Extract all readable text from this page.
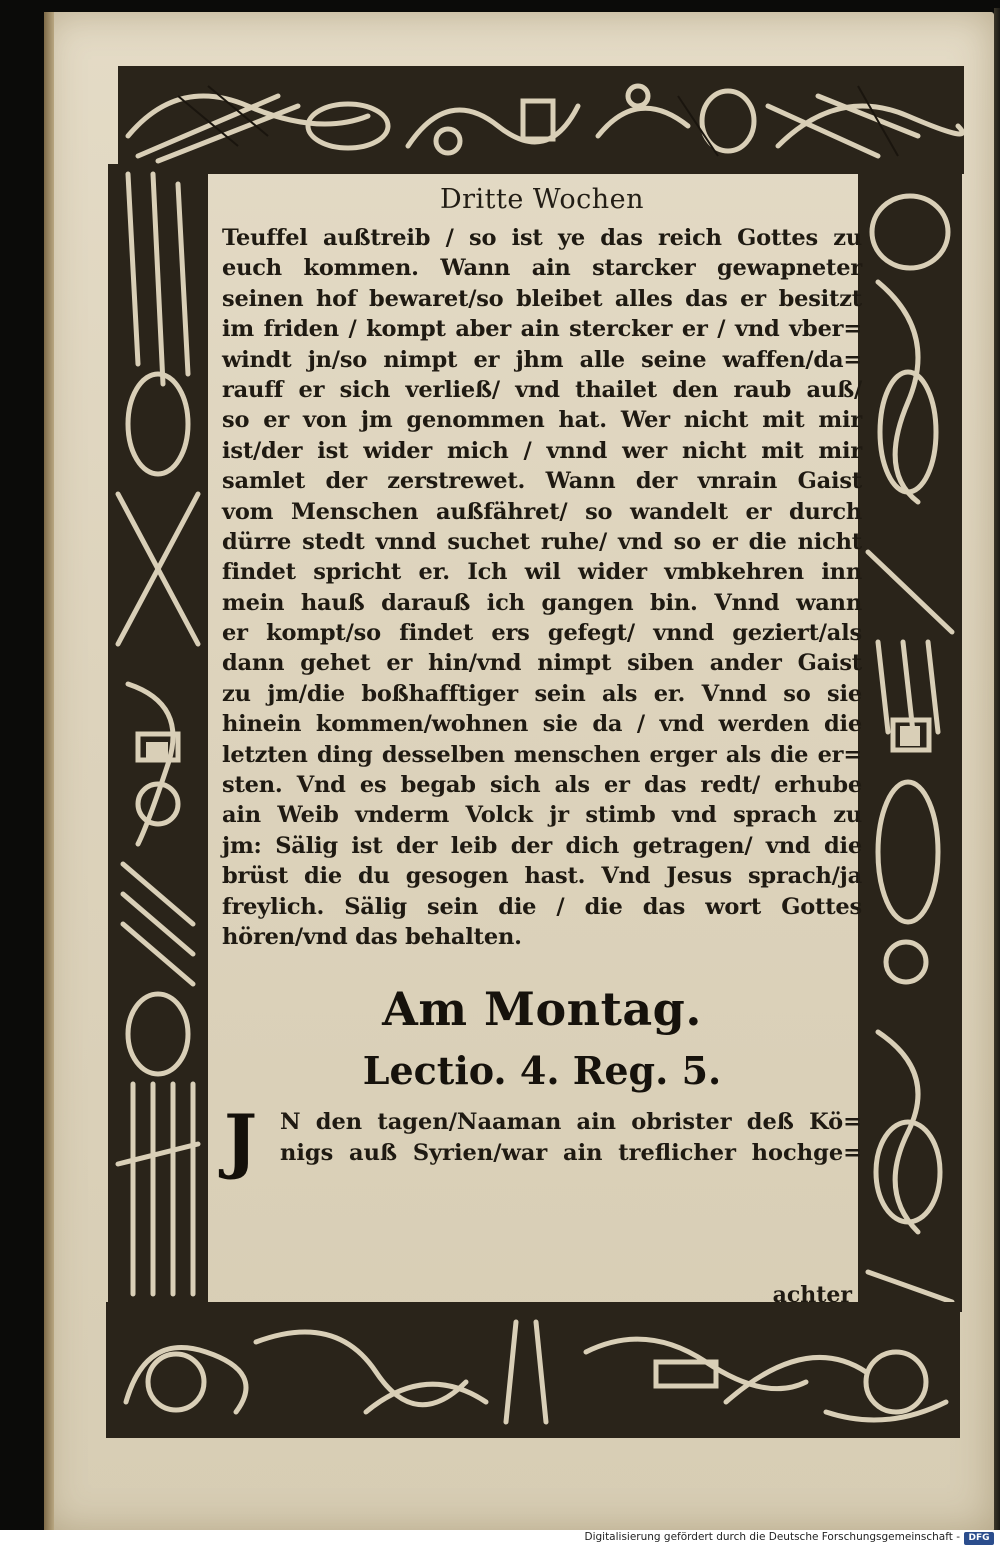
Dritte Wochen
Teuffel außtreib / so ist ye das reich Gottes zu
euch kommen. Wann ain starcker gewapneter
seinen hof bewaret/so bleibet alles das er besitzt
im friden / kompt aber ain stercker er / vnd vber=
windt jn/so nimpt er jhm alle seine waffen/da=
rauff er sich verließ/ vnd thailet den raub auß/
so er von jm genommen hat. Wer nicht mit mir
ist/der ist wider mich / vnnd wer nicht mit mir
samlet der zerstrewet. Wann der vnrain Gaist
vom Menschen außfähret/ so wandelt er durch
dürre stedt vnnd suchet ruhe/ vnd so er die nicht
findet spricht er. Ich wil wider vmbkehren inn
mein hauß darauß ich gangen bin. Vnnd wann
er kompt/so findet ers gefegt/ vnnd geziert/als
dann gehet er hin/vnd nimpt siben ander Gaist
zu jm/die boßhafftiger sein als er. Vnnd so sie
hinein kommen/wohnen sie da / vnd werden die
letzten ding desselben menschen erger als die er=
sten. Vnd es begab sich als er das redt/ erhube
ain Weib vnderm Volck jr stimb vnd sprach zu
jm: Sälig ist der leib der dich getragen/ vnd die
brüst die du gesogen hast. Vnd Jesus sprach/ja
freylich. Sälig sein die / die das wort Gottes
hören/vnd das behalten.
Am Montag.
Lectio. 4. Reg. 5.
J N den tagen/Naaman ain obrister deß Kö=
nigs auß Syrien/war ain treflicher hochge=
achter
Digitalisierung gefördert durch die Deutsche Forschungsgemeinschaft - DFG
